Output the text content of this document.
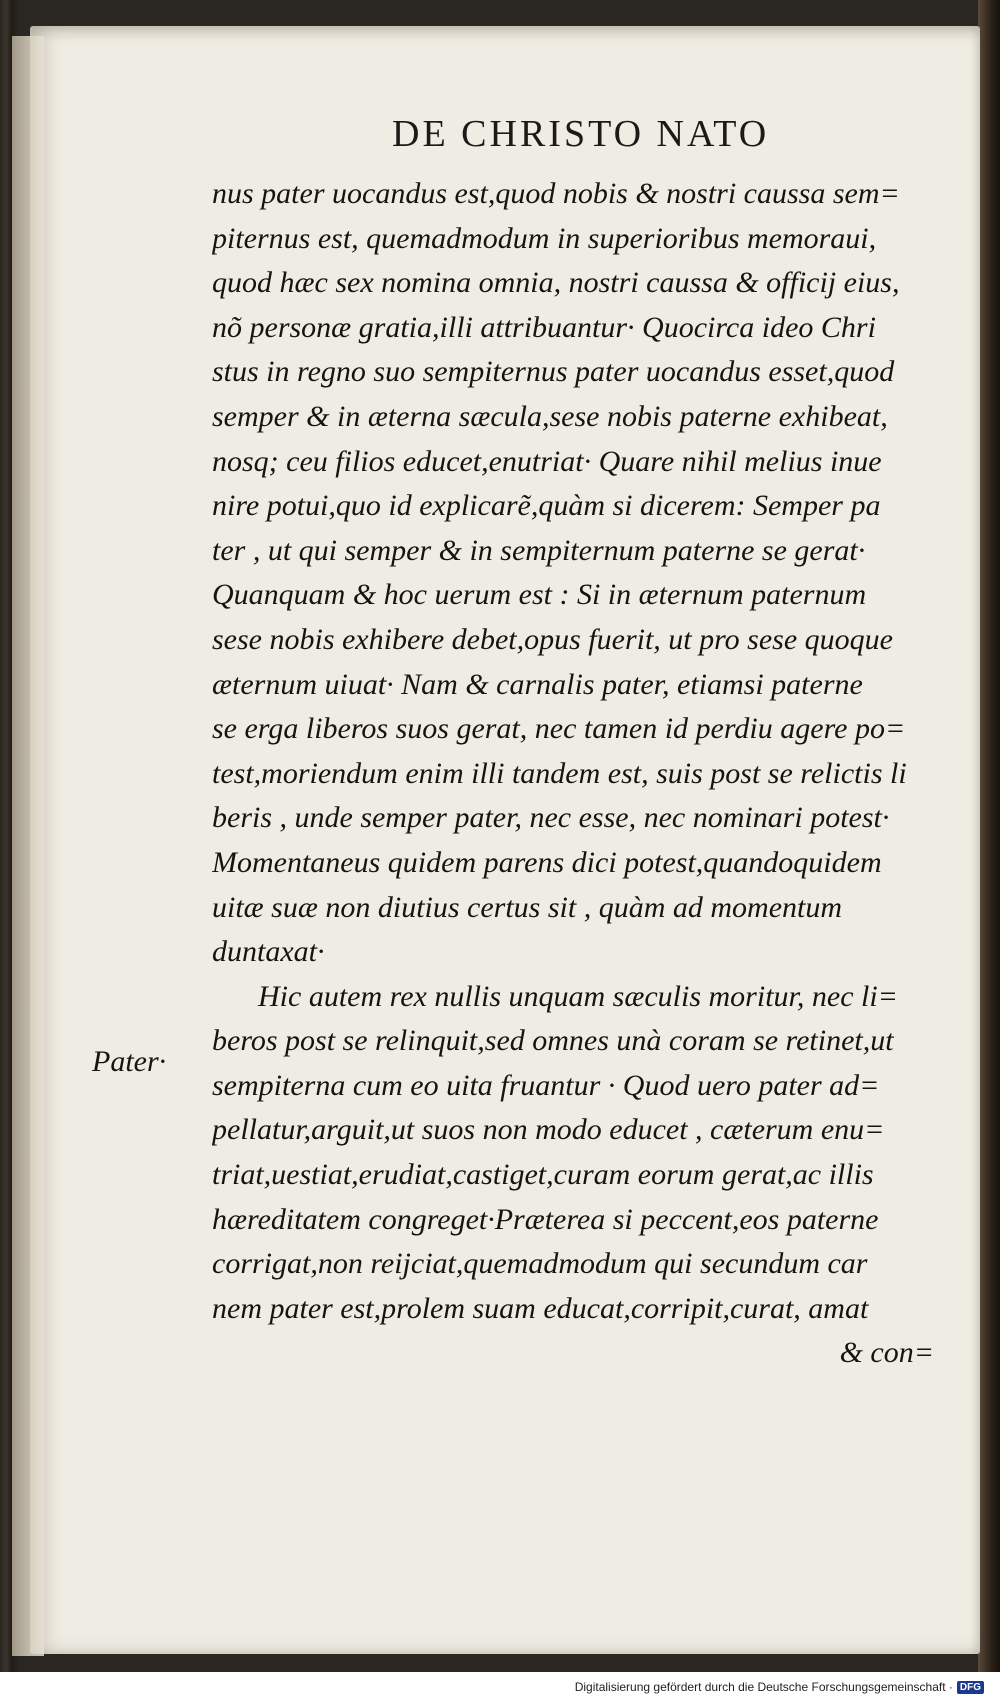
DE CHRISTO NATO
nus pater uocandus est,quod nobis & nostri caussa sem=
piternus est, quemadmodum in superioribus memoraui,
quod hæc sex nomina omnia, nostri caussa & officij eius,
nõ personæ gratia,illi attribuantur· Quocirca ideo Chri
stus in regno suo sempiternus pater uocandus esset,quod
semper & in æterna sæcula,sese nobis paterne exhibeat,
nosq; ceu filios educet,enutriat· Quare nihil melius inue
nire potui,quo id explicarẽ,quàm si dicerem: Semper pa
ter , ut qui semper & in sempiternum paterne se gerat·
Quanquam & hoc uerum est : Si in æternum paternum
sese nobis exhibere debet,opus fuerit, ut pro sese quoque
æternum uiuat· Nam & carnalis pater, etiamsi paterne
se erga liberos suos gerat, nec tamen id perdiu agere po=
test,moriendum enim illi tandem est, suis post se relictis li
beris , unde semper pater, nec esse, nec nominari potest·
Momentaneus quidem parens dici potest,quandoquidem
uitæ suæ non diutius certus sit , quàm ad momentum
duntaxat·
Hic autem rex nullis unquam sæculis moritur, nec li=
beros post se relinquit,sed omnes unà coram se retinet,ut
sempiterna cum eo uita fruantur · Quod uero pater ad=
pellatur,arguit,ut suos non modo educet , cæterum enu=
triat,uestiat,erudiat,castiget,curam eorum gerat,ac illis
hæreditatem congreget·Præterea si peccent,eos paterne
corrigat,non reijciat,quemadmodum qui secundum car
nem pater est,prolem suam educat,corripit,curat, amat
& con=
Pater·
Digitalisierung gefördert durch die Deutsche Forschungsgemeinschaft · DFG
